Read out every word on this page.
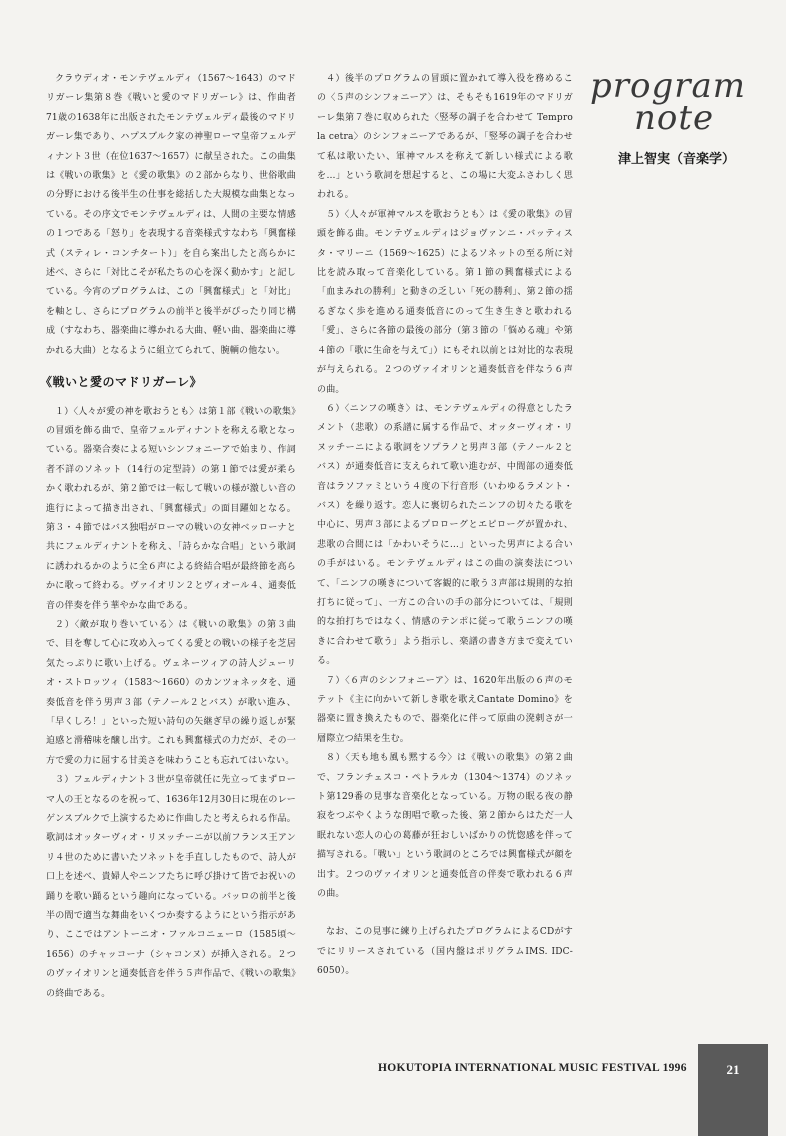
program
note
津上智実（音楽学）

クラウディオ・モンテヴェルディ（1567～1643）のマドリガーレ集第８巻《戦いと愛のマドリガーレ》は、作曲者71歳の1638年に出版されたモンテヴェルディ最後のマドリガーレ集であり、ハプスブルク家の神聖ローマ皇帝フェルディナント３世（在位1637～1657）に献呈された。この曲集は《戦いの歌集》と《愛の歌集》の２部からなり、世俗歌曲の分野における後半生の仕事を総括した大規模な曲集となっている。その序文でモンテヴェルディは、人間の主要な情感の１つである「怒り」を表現する音楽様式すなわち「興奮様式（スティレ・コンチタート）」を自ら案出したと高らかに述べ、さらに「対比こそが私たちの心を深く動かす」と記している。今宵のプログラムは、この「興奮様式」と「対比」を軸とし、さらにプログラムの前半と後半がぴったり同じ構成（すなわち、器楽曲に導かれる大曲、軽い曲、器楽曲に導かれる大曲）となるように組立てられて、腕輌の他ない。

《戦いと愛のマドリガーレ》

１）〈人々が愛の神を歌おうとも〉は第１部《戦いの歌集》の冒頭を飾る曲で、皇帝フェルディナントを称える歌となっている。器楽合奏による短いシンフォニーアで始まり、作詞者不詳のソネット（14行の定型詩）の第１節では愛が柔らかく歌われるが、第２節では一転して戦いの様が激しい音の進行によって描き出され、「興奮様式」の面目躍如となる。第３・４節ではバス独唱がローマの戦いの女神ベッローナと共にフェルディナントを称え、「詩らかな合唱」という歌詞に誘われるかのように全６声による終結合唱が最終節を高らかに歌って終わる。ヴァイオリン２とヴィオール４、通奏低音の伴奏を伴う華やかな曲である。

２）〈敵が取り巻いている〉は《戦いの歌集》の第３曲で、目を奪して心に攻め入ってくる愛との戦いの様子を芝居気たっぷりに歌い上げる。ヴェネーツィアの詩人ジューリオ・ストロッツィ（1583～1660）のカンツォネッタを、通奏低音を伴う男声３部（テノール２とバス）が歌い進み、「早くしろ！」といった短い詩句の矢継ぎ早の繰り返しが緊迫感と滑稽味を醸し出す。これも興奮様式の力だが、その一方で愛の力に屈する甘美さを味わうことも忘れてはいない。

３）フェルディナント３世が皇帝就任に先立ってまずローマ人の王となるのを祝って、1636年12月30日に現在のレーゲンスブルクで上演するために作曲したと考えられる作品。歌詞はオッターヴィオ・リヌッチーニが以前フランス王アンリ４世のために書いたソネットを手直ししたもので、詩人が口上を述べ、貴婦人やニンフたちに呼び掛けて皆でお祝いの踊りを歌い踊るという趣向になっている。バッロの前半と後半の間で適当な舞曲をいくつか奏するようにという指示があり、ここではアントーニオ・ファルコニェーロ（1585頃～1656）のチャッコーナ（シャコンヌ）が挿入される。２つのヴァイオリンと通奏低音を伴う５声作品で、《戦いの歌集》の終曲である。

４）後半のプログラムの冒頭に置かれて導入役を務めるこの〈５声のシンフォニーア〉は、そもそも1619年のマドリガーレ集第７巻に収められた〈竪琴の調子を合わせて Tempro la cetra〉のシンフォニーアであるが、「竪琴の調子を合わせて私は歌いたい、軍神マルスを称えて新しい様式による歌を…」という歌詞を想起すると、この場に大変ふさわしく思われる。

５）〈人々が軍神マルスを歌おうとも〉は《愛の歌集》の冒頭を飾る曲。モンテヴェルディはジョヴァンニ・バッティスタ・マリーニ（1569～1625）によるソネットの至る所に対比を読み取って音楽化している。第１節の興奮様式による「血まみれの勝利」と動きの乏しい「死の勝利」、第２節の揺るぎなく歩を進める通奏低音にのって生き生きと歌われる「愛」、さらに各節の最後の部分（第３節の「悩める魂」や第４節の「歌に生命を与えて」）にもそれ以前とは対比的な表現が与えられる。２つのヴァイオリンと通奏低音を伴なう６声の曲。

６）〈ニンフの嘆き〉は、モンテヴェルディの得意としたラメント（悲歌）の系譜に属する作品で、オッターヴィオ・リヌッチーニによる歌詞をソプラノと男声３部（テノール２とバス）が通奏低音に支えられて歌い進むが、中間部の通奏低音はラソファミという４度の下行音形（いわゆるラメント・バス）を繰り返す。恋人に裏切られたニンフの切々たる歌を中心に、男声３部によるプロローグとエピローグが置かれ、悲歌の合間には「かわいそうに…」といった男声による合いの手がはいる。モンテヴェルディはこの曲の演奏法について、「ニンフの嘆きについて客観的に歌う３声部は規則的な拍打ちに従って」、一方この合いの手の部分については、「規則的な拍打ちではなく、情感のテンポに従って歌うニンフの嘆きに合わせて歌う」よう指示し、楽譜の書き方まで変えている。

７）〈６声のシンフォニーア〉は、1620年出版の６声のモテット《主に向かいて新しき歌を歌えCantate Domino》を器楽に置き換えたもので、器楽化に伴って原曲の溌剌さが一層際立つ結果を生む。

８）〈天も地も風も黙する今〉は《戦いの歌集》の第２曲で、フランチェスコ・ペトラルカ（1304～1374）のソネット第129番の見事な音楽化となっている。万物の眠る夜の静寂をつぶやくような朗唱で歌った後、第２節からはただ一人眠れない恋人の心の葛藤が狂おしいばかりの恍惚感を伴って描写される。「戦い」という歌詞のところでは興奮様式が顔を出す。２つのヴァイオリンと通奏低音の伴奏で歌われる６声の曲。

なお、この見事に練り上げられたプログラムによるCDがすでにリリースされている（国内盤はポリグラムIMS. IDC-6050）。

HOKUTOPIA INTERNATIONAL MUSIC FESTIVAL 1996	21
